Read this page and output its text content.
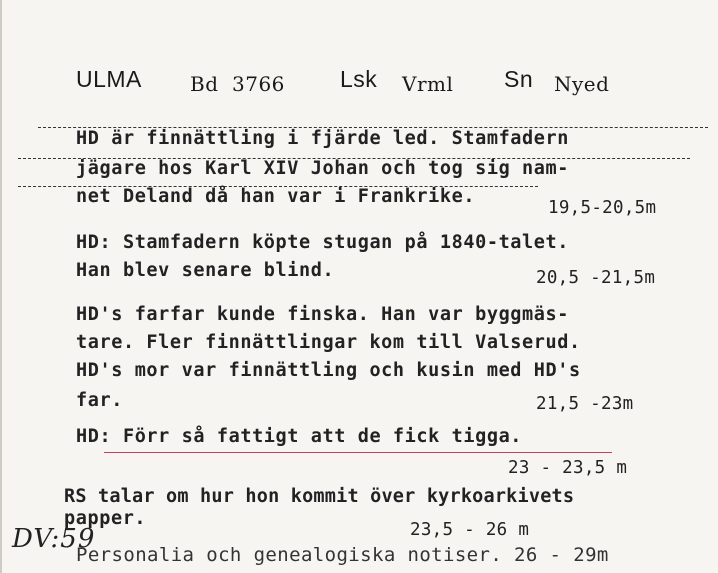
ULMA Bd 3766 Lsk Vrml Sn Nyed
HD är finnättling i fjärde led. Stamfadern
jägare hos Karl XIV Johan och tog sig nam-
net Deland då han var i Frankrike.
19,5-20,5m
HD: Stamfadern köpte stugan på 1840-talet.
Han blev senare blind.	20,5 -21,5m
HD's farfar kunde finska. Han var byggmäs-
tare. Fler finnättlingar kom till Valserud.
HD's mor var finnättling och kusin med HD's
far.	21,5 -23m
HD: Förr så fattigt att de fick tigga.
23 - 23,5 m
RS talar om hur hon kommit över kyrkoarkivets
papper.
23,5 - 26 m
DV:59
Personalia och genealogiska notiser. 26 - 29m
